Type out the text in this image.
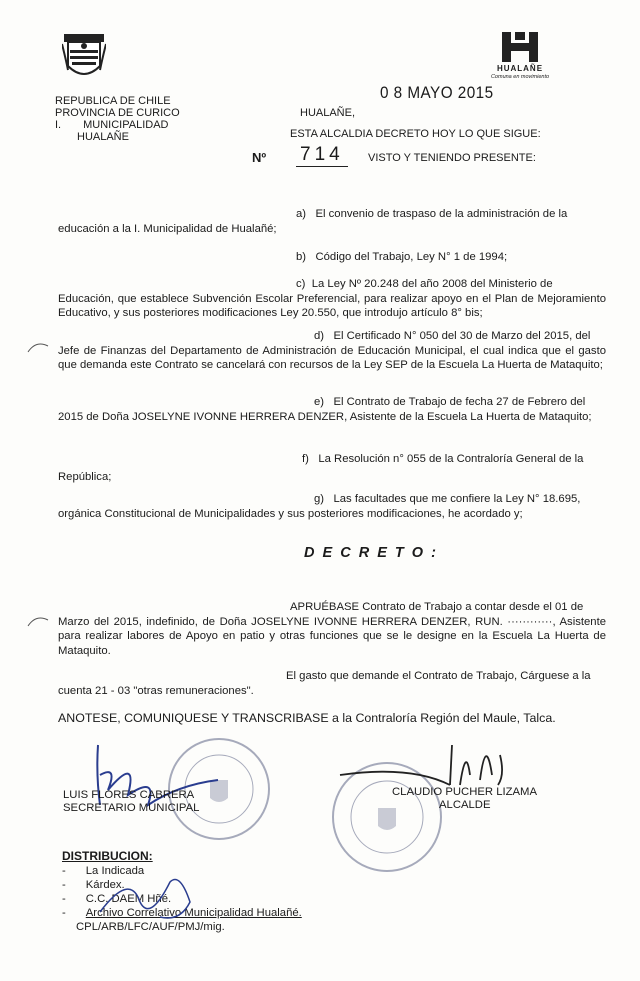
HUALAÑE
Comuna en movimiento
REPUBLICA DE CHILE
PROVINCIA DE CURICO
I. MUNICIPALIDAD
HUALAÑE
HUALAÑE,
0 8 MAYO 2015
ESTA ALCALDIA DECRETO HOY LO QUE SIGUE:
Nº 714	VISTO Y TENIENDO PRESENTE:
a) El convenio de traspaso de la administración de la
educación a la I. Municipalidad de Hualañé;
b) Código del Trabajo, Ley N° 1 de 1994;
c) La Ley Nº 20.248 del año 2008 del Ministerio de
Educación, que establece Subvención Escolar Preferencial, para realizar apoyo en el Plan de Mejoramiento Educativo, y sus posteriores modificaciones Ley 20.550, que introdujo artículo 8° bis;
d) El Certificado N° 050 del 30 de Marzo del 2015, del
Jefe de Finanzas del Departamento de Administración de Educación Municipal, el cual indica que el gasto que demanda este Contrato se cancelará con recursos de la Ley SEP de la Escuela La Huerta de Mataquito;
e) El Contrato de Trabajo de fecha 27 de Febrero del
2015 de Doña JOSELYNE IVONNE HERRERA DENZER, Asistente de la Escuela La Huerta de Mataquito;
f) La Resolución n° 055 de la Contraloría General de la
República;
g) Las facultades que me confiere la Ley N° 18.695,
orgánica Constitucional de Municipalidades y sus posteriores modificaciones, he acordado y;
D E C R E T O :
APRUÉBASE Contrato de Trabajo a contar desde el 01 de
Marzo del 2015, indefinido, de Doña JOSELYNE IVONNE HERRERA DENZER, RUN. ············, Asistente para realizar labores de Apoyo en patio y otras funciones que se le designe en la Escuela La Huerta de Mataquito.
El gasto que demande el Contrato de Trabajo, Cárguese a la
cuenta 21 - 03 "otras remuneraciones".
ANOTESE, COMUNIQUESE Y TRANSCRIBASE a la Contraloría Región del Maule, Talca.
LUIS FLORES CABRERA
SECRETARIO MUNICIPAL
CLAUDIO PUCHER LIZAMA
ALCALDE
DISTRIBUCION:
- La Indicada
- Kárdex.
- C.C. DAEM Hñé.
- Archivo Correlativo Municipalidad Hualañé.
CPL/ARB/LFC/AUF/PMJ/mig.
